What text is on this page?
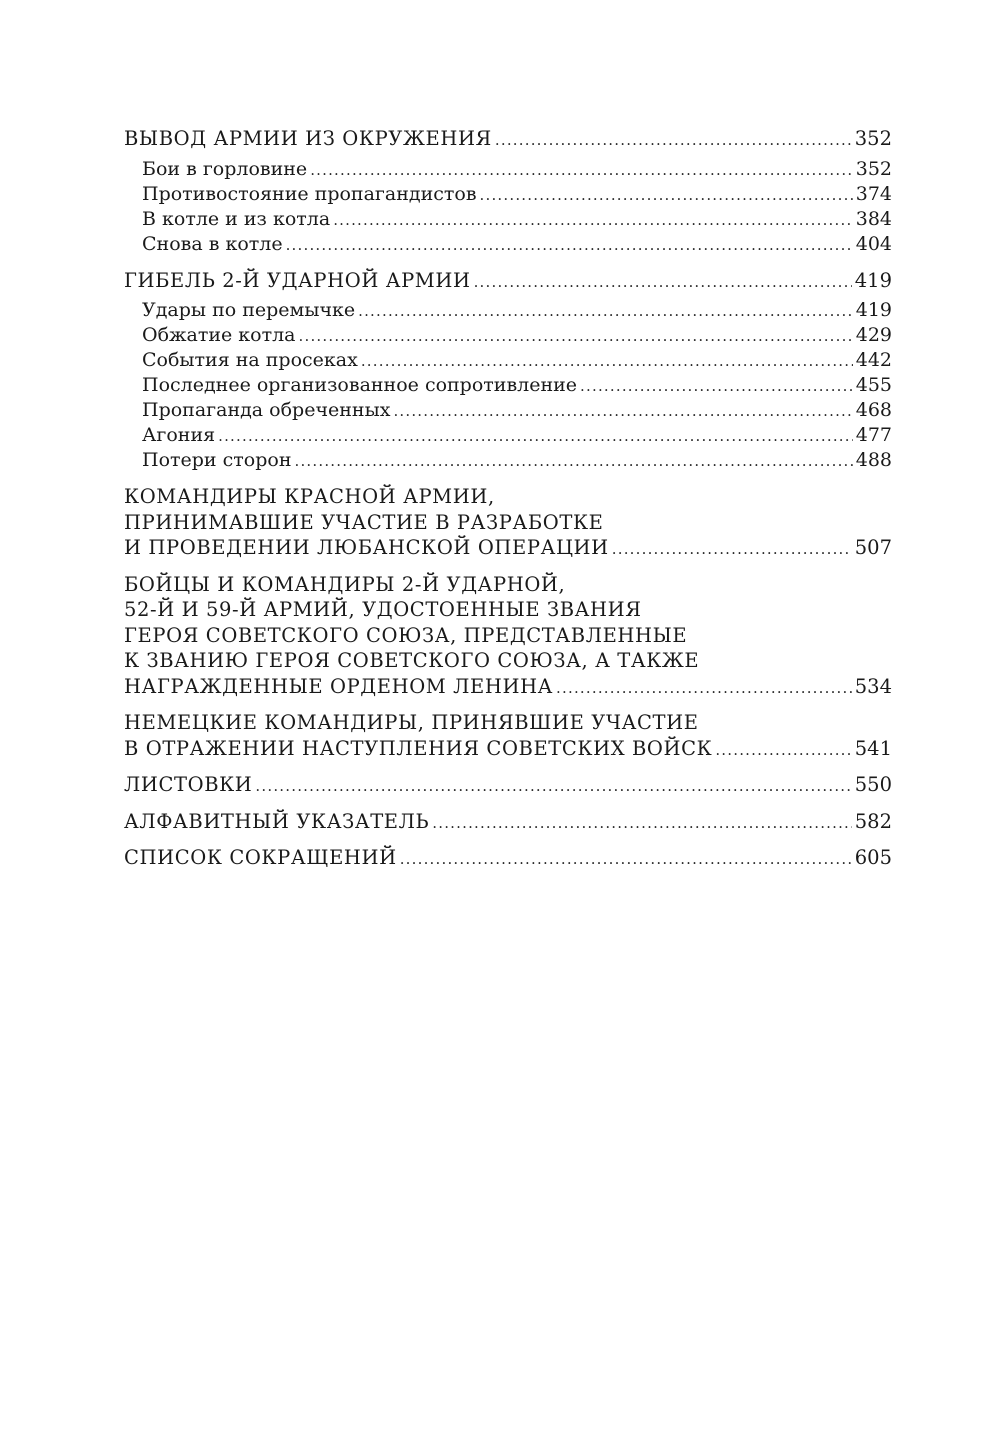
ВЫВОД АРМИИ ИЗ ОКРУЖЕНИЯ .....	352
Бои в горловине .....	352
Противостояние пропагандистов .....	374
В котле и из котла .....	384
Снова в котле .....	404
ГИБЕЛЬ 2-Й УДАРНОЙ АРМИИ .....	419
Удары по перемычке .....	419
Обжатие котла .....	429
События на просеках .....	442
Последнее организованное сопротивление .....	455
Пропаганда обреченных .....	468
Агония .....	477
Потери сторон .....	488
КОМАНДИРЫ КРАСНОЙ АРМИИ,
ПРИНИМАВШИЕ УЧАСТИЕ В РАЗРАБОТКЕ
И ПРОВЕДЕНИИ ЛЮБАНСКОЙ ОПЕРАЦИИ .....	507
БОЙЦЫ И КОМАНДИРЫ 2-Й УДАРНОЙ,
52-Й И 59-Й АРМИЙ, УДОСТОЕННЫЕ ЗВАНИЯ
ГЕРОЯ СОВЕТСКОГО СОЮЗА, ПРЕДСТАВЛЕННЫЕ
К ЗВАНИЮ ГЕРОЯ СОВЕТСКОГО СОЮЗА, А ТАКЖЕ
НАГРАЖДЕННЫЕ ОРДЕНОМ ЛЕНИНА .....	534
НЕМЕЦКИЕ КОМАНДИРЫ, ПРИНЯВШИЕ УЧАСТИЕ
В ОТРАЖЕНИИ НАСТУПЛЕНИЯ СОВЕТСКИХ ВОЙСК .....	541
ЛИСТОВКИ .....	550
АЛФАВИТНЫЙ УКАЗАТЕЛЬ .....	582
СПИСОК СОКРАЩЕНИЙ .....	605
